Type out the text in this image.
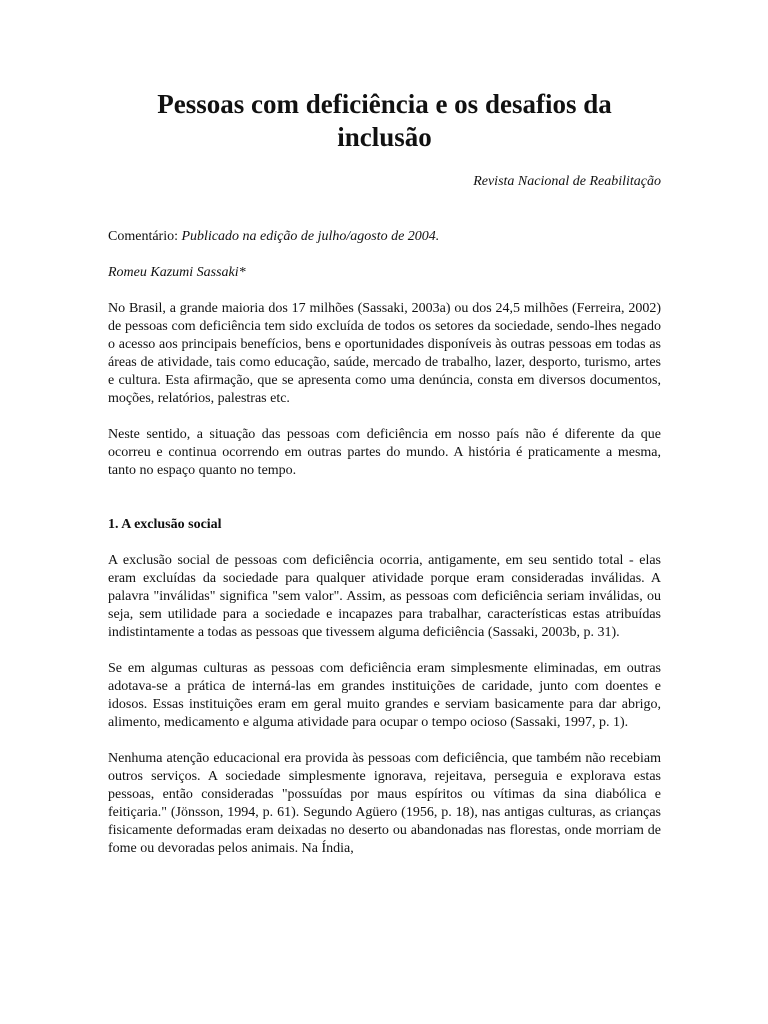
Pessoas com deficiência e os desafios da inclusão
Revista Nacional de Reabilitação
Comentário: Publicado na edição de julho/agosto de 2004.
Romeu Kazumi Sassaki*

No Brasil, a grande maioria dos 17 milhões (Sassaki, 2003a) ou dos 24,5 milhões (Ferreira, 2002) de pessoas com deficiência tem sido excluída de todos os setores da sociedade, sendo-lhes negado o acesso aos principais benefícios, bens e oportunidades disponíveis às outras pessoas em todas as áreas de atividade, tais como educação, saúde, mercado de trabalho, lazer, desporto, turismo, artes e cultura. Esta afirmação, que se apresenta como uma denúncia, consta em diversos documentos, moções, relatórios, palestras etc.

Neste sentido, a situação das pessoas com deficiência em nosso país não é diferente da que ocorreu e continua ocorrendo em outras partes do mundo. A história é praticamente a mesma, tanto no espaço quanto no tempo.

1. A exclusão social

A exclusão social de pessoas com deficiência ocorria, antigamente, em seu sentido total - elas eram excluídas da sociedade para qualquer atividade porque eram consideradas inválidas. A palavra "inválidas" significa "sem valor". Assim, as pessoas com deficiência seriam inválidas, ou seja, sem utilidade para a sociedade e incapazes para trabalhar, características estas atribuídas indistintamente a todas as pessoas que tivessem alguma deficiência (Sassaki, 2003b, p. 31).

Se em algumas culturas as pessoas com deficiência eram simplesmente eliminadas, em outras adotava-se a prática de interná-las em grandes instituições de caridade, junto com doentes e idosos. Essas instituições eram em geral muito grandes e serviam basicamente para dar abrigo, alimento, medicamento e alguma atividade para ocupar o tempo ocioso (Sassaki, 1997, p. 1).

Nenhuma atenção educacional era provida às pessoas com deficiência, que também não recebiam outros serviços. A sociedade simplesmente ignorava, rejeitava, perseguia e explorava estas pessoas, então consideradas "possuídas por maus espíritos ou vítimas da sina diabólica e feitiçaria." (Jönsson, 1994, p. 61). Segundo Agüero (1956, p. 18), nas antigas culturas, as crianças fisicamente deformadas eram deixadas no deserto ou abandonadas nas florestas, onde morriam de fome ou devoradas pelos animais. Na Índia,
